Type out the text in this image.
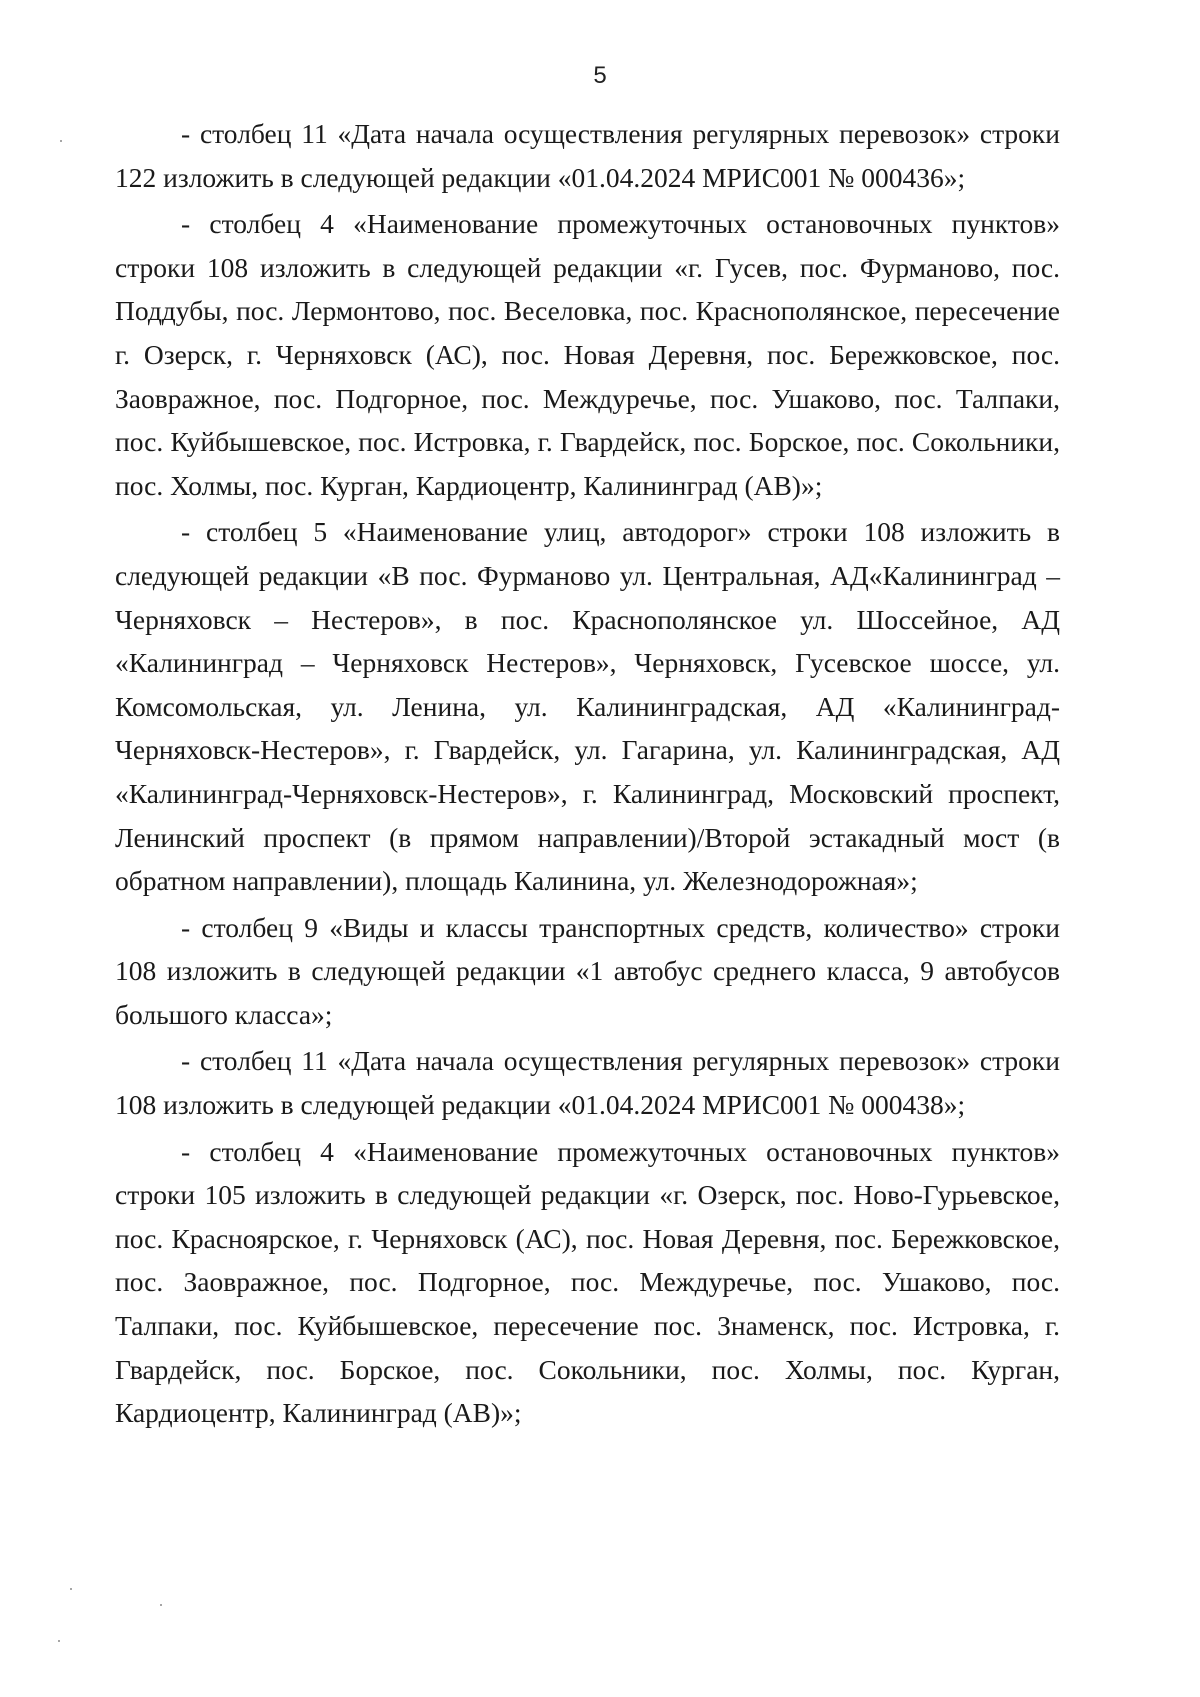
5

- столбец 11 «Дата начала осуществления регулярных перевозок» строки 122 изложить в следующей редакции «01.04.2024 МРИС001 № 000436»;

- столбец 4 «Наименование промежуточных остановочных пунктов» строки 108 изложить в следующей редакции «г. Гусев, пос. Фурманово, пос. Поддубы, пос. Лермонтово, пос. Веселовка, пос. Краснополянское, пересечение г. Озерск, г. Черняховск (АС), пос. Новая Деревня, пос. Бережковское, пос. Заовражное, пос. Подгорное, пос. Междуречье, пос. Ушаково, пос. Талпаки, пос. Куйбышевское, пос. Истровка, г. Гвардейск, пос. Борское, пос. Сокольники, пос. Холмы, пос. Курган, Кардиоцентр, Калининград (АВ)»;

- столбец 5 «Наименование улиц, автодорог» строки 108 изложить в следующей редакции «В пос. Фурманово ул. Центральная, АД«Калининград – Черняховск – Нестеров», в пос. Краснополянское ул. Шоссейное, АД «Калининград – Черняховск Нестеров», Черняховск, Гусевское шоссе, ул. Комсомольская, ул. Ленина, ул. Калининградская, АД «Калининград-Черняховск-Нестеров», г. Гвардейск, ул. Гагарина, ул. Калининградская, АД «Калининград-Черняховск-Нестеров», г. Калининград, Московский проспект, Ленинский проспект (в прямом направлении)/Второй эстакадный мост (в обратном направлении), площадь Калинина, ул. Железнодорожная»;

- столбец 9 «Виды и классы транспортных средств, количество» строки 108 изложить в следующей редакции «1 автобус среднего класса, 9 автобусов большого класса»;

- столбец 11 «Дата начала осуществления регулярных перевозок» строки 108 изложить в следующей редакции «01.04.2024 МРИС001 № 000438»;

- столбец 4 «Наименование промежуточных остановочных пунктов» строки 105 изложить в следующей редакции «г. Озерск, пос. Ново-Гурьевское, пос. Красноярское, г. Черняховск (АС), пос. Новая Деревня, пос. Бережковское, пос. Заовражное, пос. Подгорное, пос. Междуречье, пос. Ушаково, пос. Талпаки, пос. Куйбышевское, пересечение пос. Знаменск, пос. Истровка, г. Гвардейск, пос. Борское, пос. Сокольники, пос. Холмы, пос. Курган, Кардиоцентр, Калининград (АВ)»;
